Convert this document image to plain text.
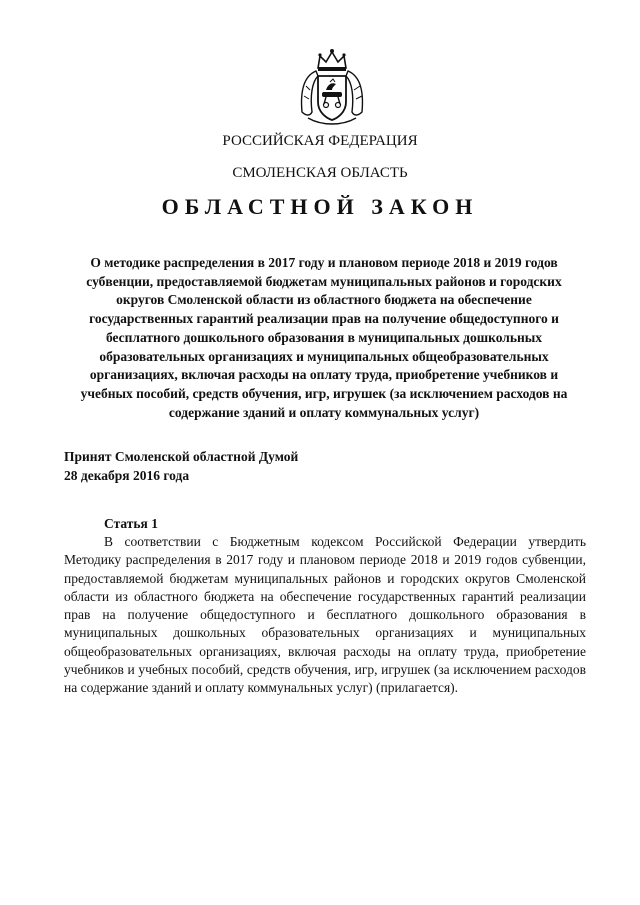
РОССИЙСКАЯ ФЕДЕРАЦИЯ
СМОЛЕНСКАЯ ОБЛАСТЬ
ОБЛАСТНОЙ ЗАКОН
О методике распределения в 2017 году и плановом периоде 2018 и 2019 годов субвенции, предоставляемой бюджетам муниципальных районов и городских округов Смоленской области из областного бюджета на обеспечение государственных гарантий реализации прав на получение общедоступного и бесплатного дошкольного образования в муниципальных дошкольных образовательных организациях и муниципальных общеобразовательных организациях, включая расходы на оплату труда, приобретение учебников и учебных пособий, средств обучения, игр, игрушек (за исключением расходов на содержание зданий и оплату коммунальных услуг)
Принят Смоленской областной Думой
28 декабря 2016 года
Статья 1

В соответствии с Бюджетным кодексом Российской Федерации утвердить Методику распределения в 2017 году и плановом периоде 2018 и 2019 годов субвенции, предоставляемой бюджетам муниципальных районов и городских округов Смоленской области из областного бюджета на обеспечение государственных гарантий реализации прав на получение общедоступного и бесплатного дошкольного образования в муниципальных дошкольных образовательных организациях и муниципальных общеобразовательных организациях, включая расходы на оплату труда, приобретение учебников и учебных пособий, средств обучения, игр, игрушек (за исключением расходов на содержание зданий и оплату коммунальных услуг) (прилагается).
